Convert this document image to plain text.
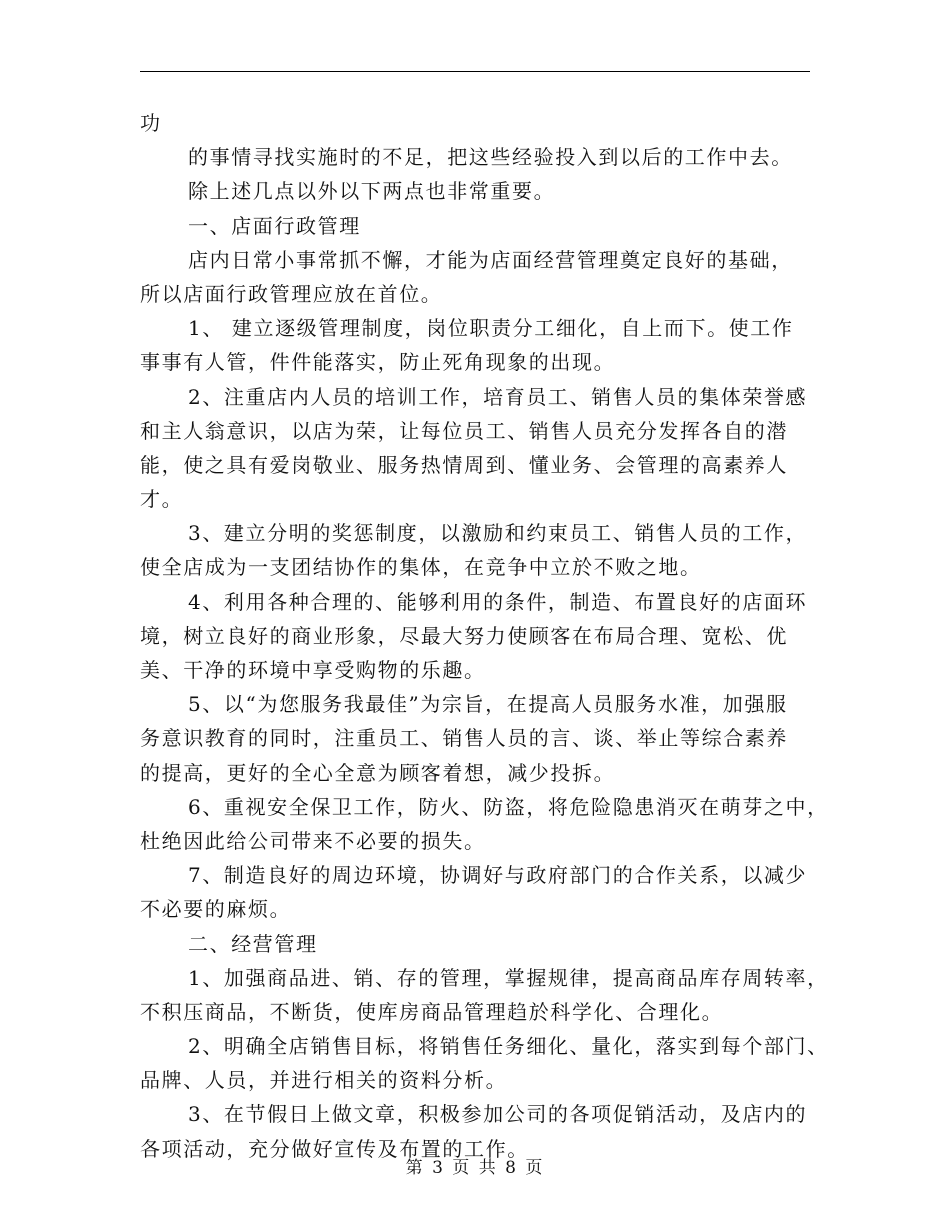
功
的事情寻找实施时的不足，把这些经验投入到以后的工作中去。
除上述几点以外以下两点也非常重要。
一、店面行政管理
店内日常小事常抓不懈，才能为店面经营管理奠定良好的基础，
所以店面行政管理应放在首位。
1、 建立逐级管理制度，岗位职责分工细化，自上而下。使工作
事事有人管，件件能落实，防止死角现象的出现。
2、注重店内人员的培训工作，培育员工、销售人员的集体荣誉感
和主人翁意识，以店为荣，让每位员工、销售人员充分发挥各自的潜
能，使之具有爱岗敬业、服务热情周到、懂业务、会管理的高素养人
才。
3、建立分明的奖惩制度，以激励和约束员工、销售人员的工作，
使全店成为一支团结协作的集体，在竞争中立於不败之地。
4、利用各种合理的、能够利用的条件，制造、布置良好的店面环
境，树立良好的商业形象，尽最大努力使顾客在布局合理、宽松、优
美、干净的环境中享受购物的乐趣。
5、以“为您服务我最佳”为宗旨，在提高人员服务水准，加强服
务意识教育的同时，注重员工、销售人员的言、谈、举止等综合素养
的提高，更好的全心全意为顾客着想，减少投拆。
6、重视安全保卫工作，防火、防盗，将危险隐患消灭在萌芽之中，
杜绝因此给公司带来不必要的损失。
7、制造良好的周边环境，协调好与政府部门的合作关系，以减少
不必要的麻烦。
二、经营管理
1、加强商品进、销、存的管理，掌握规律，提高商品库存周转率，
不积压商品，不断货，使库房商品管理趋於科学化、合理化。
2、明确全店销售目标，将销售任务细化、量化，落实到每个部门、
品牌、人员，并进行相关的资料分析。
3、在节假日上做文章，积极参加公司的各项促销活动，及店内的
各项活动，充分做好宣传及布置的工作。
第 3 页 共 8 页
